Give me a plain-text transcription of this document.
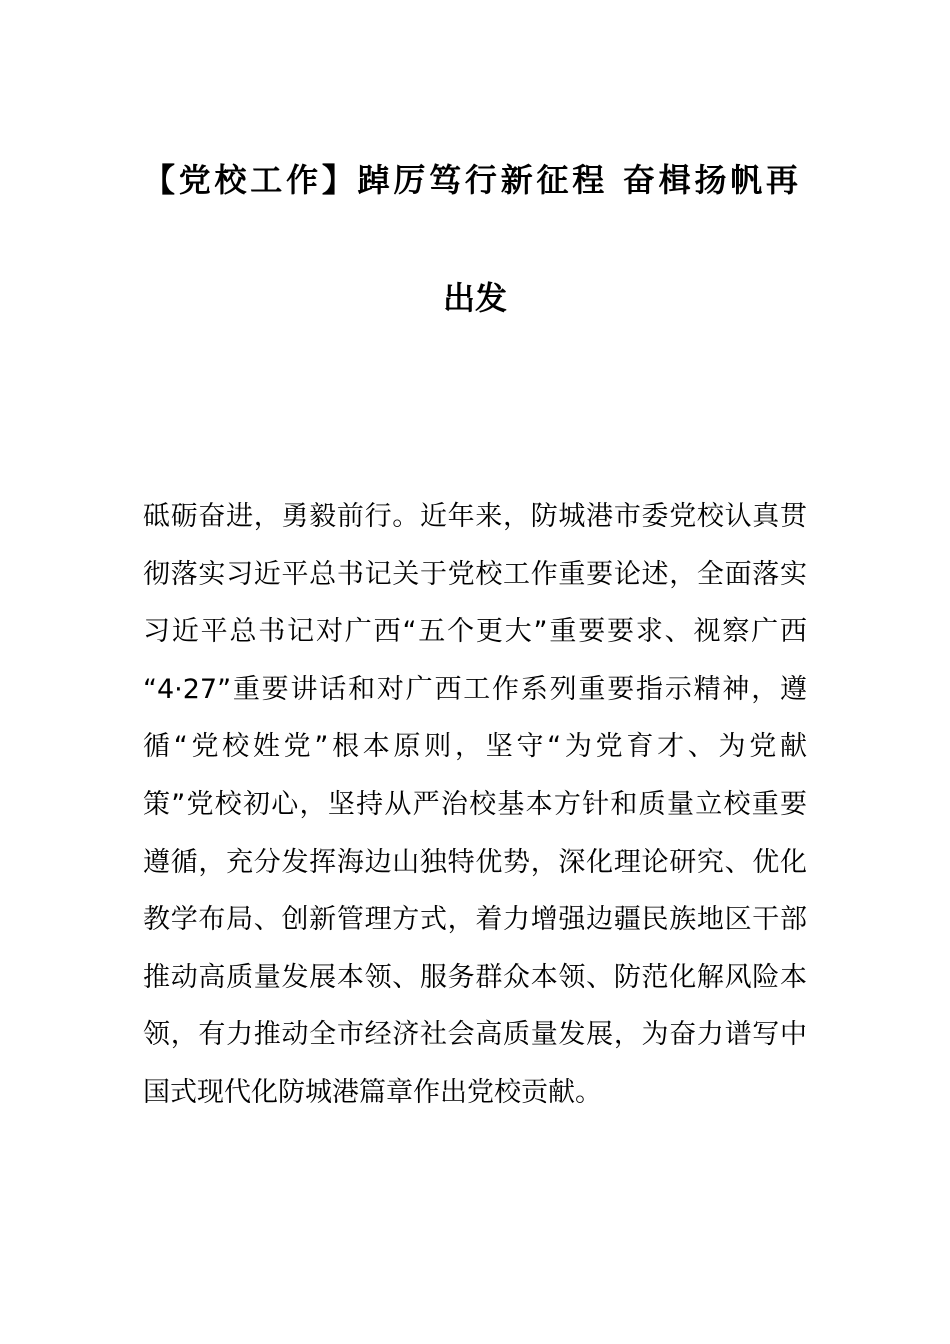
【党校工作】踔厉笃行新征程 奋楫扬帆再
出发
砥砺奋进，勇毅前行。近年来，防城港市委党校认真贯
彻落实习近平总书记关于党校工作重要论述，全面落实
习近平总书记对广西“五个更大”重要要求、视察广西
“4·27”重要讲话和对广西工作系列重要指示精神，遵
循“党校姓党”根本原则，坚守“为党育才、为党献
策”党校初心，坚持从严治校基本方针和质量立校重要
遵循，充分发挥海边山独特优势，深化理论研究、优化
教学布局、创新管理方式，着力增强边疆民族地区干部
推动高质量发展本领、服务群众本领、防范化解风险本
领，有力推动全市经济社会高质量发展，为奋力谱写中
国式现代化防城港篇章作出党校贡献。
